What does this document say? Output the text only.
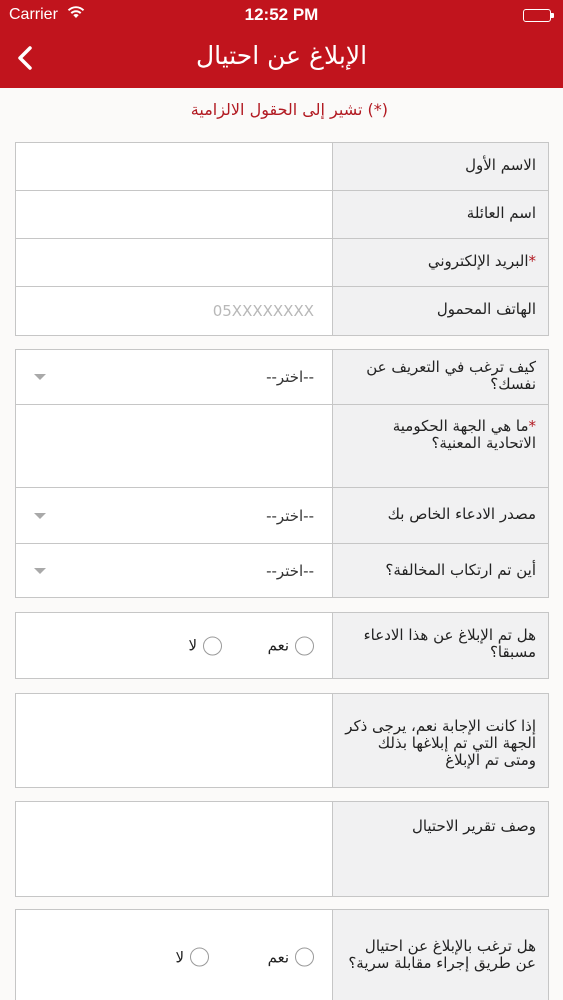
Carrier	12:52 PM
الإبلاغ عن احتيال
(*) تشير إلى الحقول الالزامية
الاسم الأول
اسم العائلة
*البريد الإلكتروني
الهاتف المحمول
05XXXXXXXX
كيف ترغب في التعريف عن نفسك؟
--اختر--
*ما هي الجهة الحكومية الاتحادية المعنية؟
مصدر الادعاء الخاص بك
--اختر--
أين تم ارتكاب المخالفة؟
--اختر--
هل تم الإبلاغ عن هذا الادعاء مسبقا؟
نعم
لا
إذا كانت الإجابة نعم، يرجى ذكر الجهة التي تم إبلاغها بذلك ومتى تم الإبلاغ
وصف تقرير الاحتيال
هل ترغب بالإبلاغ عن احتيال عن طريق إجراء مقابلة سرية؟
نعم
لا
